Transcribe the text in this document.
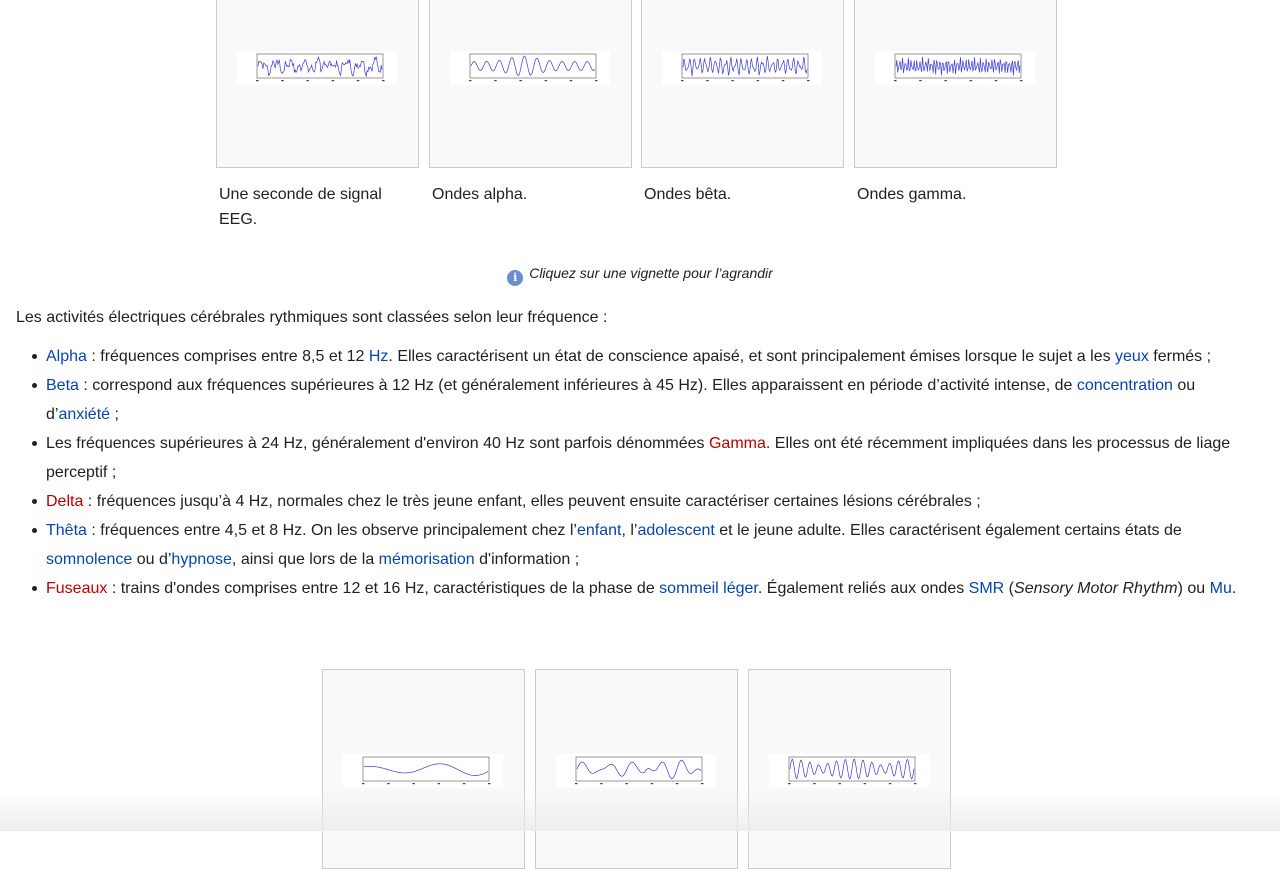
Une seconde de signal EEG.
Ondes alpha.	Ondes bêta.	Ondes gamma.
i Cliquez sur une vignette pour l’agrandir

Les activités électriques cérébrales rythmiques sont classées selon leur fréquence :

Alpha : fréquences comprises entre 8,5 et 12 Hz. Elles caractérisent un état de conscience apaisé, et sont principalement émises lorsque le sujet a les yeux fermés ;
Beta : correspond aux fréquences supérieures à 12 Hz (et généralement inférieures à 45 Hz). Elles apparaissent en période d’activité intense, de concentration ou d’anxiété ;
Les fréquences supérieures à 24 Hz, généralement d'environ 40 Hz sont parfois dénommées Gamma. Elles ont été récemment impliquées dans les processus de liage perceptif ;
Delta : fréquences jusqu’à 4 Hz, normales chez le très jeune enfant, elles peuvent ensuite caractériser certaines lésions cérébrales ;
Thêta : fréquences entre 4,5 et 8 Hz. On les observe principalement chez l’enfant, l’adolescent et le jeune adulte. Elles caractérisent également certains états de somnolence ou d’hypnose, ainsi que lors de la mémorisation d'information ;
Fuseaux : trains d'ondes comprises entre 12 et 16 Hz, caractéristiques de la phase de sommeil léger. Également reliés aux ondes SMR (Sensory Motor Rhythm) ou Mu.
